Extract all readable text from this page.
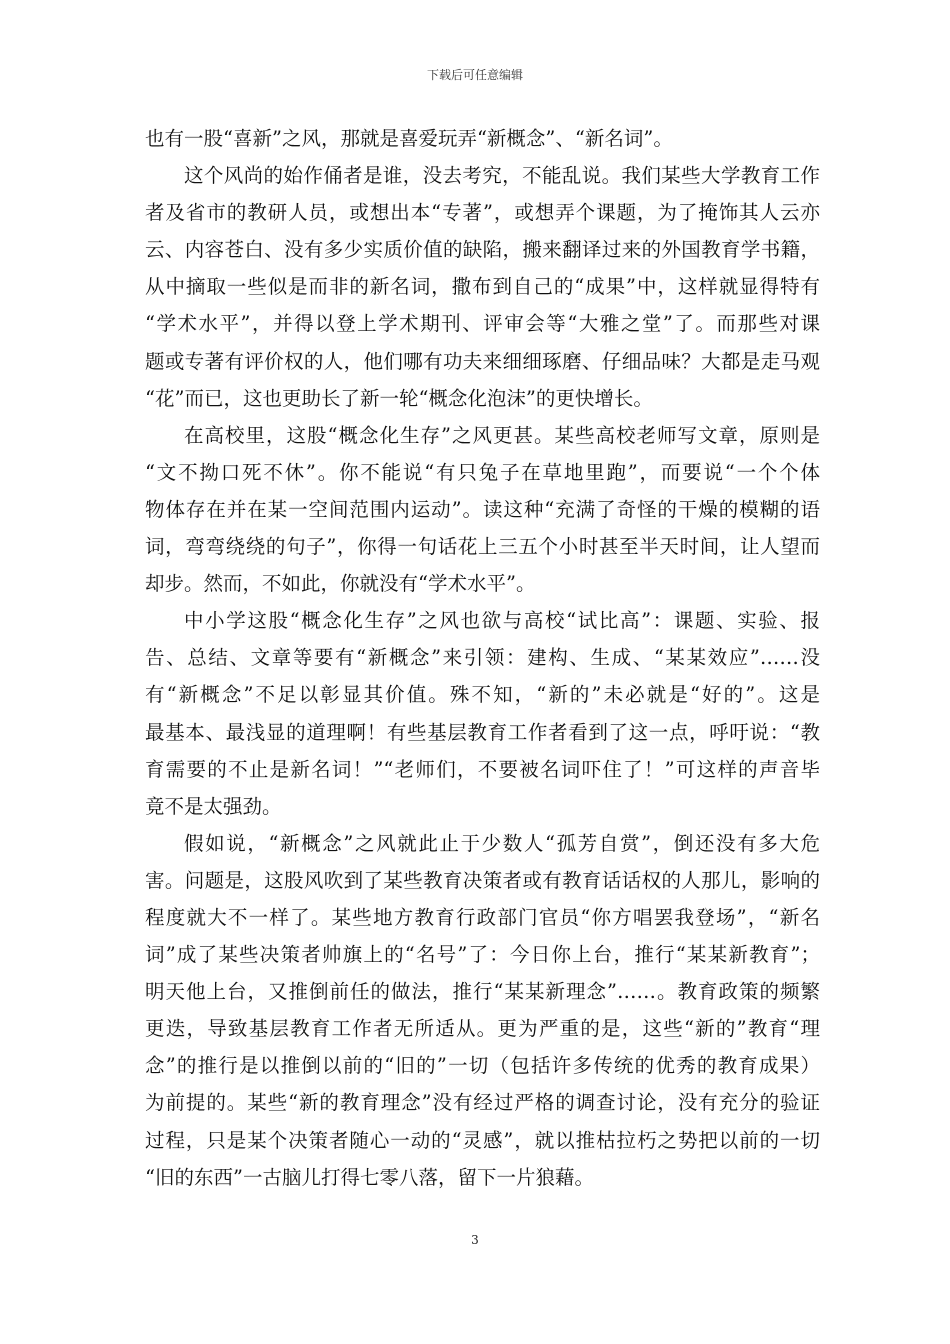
下载后可任意编辑
也有一股“喜新”之风，那就是喜爱玩弄“新概念”、“新名词”。
这个风尚的始作俑者是谁，没去考究，不能乱说。我们某些大学教育工作
者及省市的教研人员，或想出本“专著”，或想弄个课题，为了掩饰其人云亦
云、内容苍白、没有多少实质价值的缺陷，搬来翻译过来的外国教育学书籍，
从中摘取一些似是而非的新名词，撒布到自己的“成果”中，这样就显得特有
“学术水平”，并得以登上学术期刊、评审会等“大雅之堂”了。而那些对课
题或专著有评价权的人，他们哪有功夫来细细琢磨、仔细品味？大都是走马观
“花”而已，这也更助长了新一轮“概念化泡沫”的更快增长。
在高校里，这股“概念化生存”之风更甚。某些高校老师写文章，原则是
“文不拗口死不休”。你不能说“有只兔子在草地里跑”，而要说“一个个体
物体存在并在某一空间范围内运动”。读这种“充满了奇怪的干燥的模糊的语
词，弯弯绕绕的句子”，你得一句话花上三五个小时甚至半天时间，让人望而
却步。然而，不如此，你就没有“学术水平”。
中小学这股“概念化生存”之风也欲与高校“试比高”：课题、实验、报
告、总结、文章等要有“新概念”来引领：建构、生成、“某某效应”……没
有“新概念”不足以彰显其价值。殊不知，“新的”未必就是“好的”。这是
最基本、最浅显的道理啊！有些基层教育工作者看到了这一点，呼吁说：“教
育需要的不止是新名词！”“老师们，不要被名词吓住了！”可这样的声音毕
竟不是太强劲。
假如说，“新概念”之风就此止于少数人“孤芳自赏”，倒还没有多大危
害。问题是，这股风吹到了某些教育决策者或有教育话话权的人那儿，影响的
程度就大不一样了。某些地方教育行政部门官员“你方唱罢我登场”，“新名
词”成了某些决策者帅旗上的“名号”了：今日你上台，推行“某某新教育”；
明天他上台，又推倒前任的做法，推行“某某新理念”……。教育政策的频繁
更迭，导致基层教育工作者无所适从。更为严重的是，这些“新的”教育“理
念”的推行是以推倒以前的“旧的”一切（包括许多传统的优秀的教育成果）
为前提的。某些“新的教育理念”没有经过严格的调查讨论，没有充分的验证
过程，只是某个决策者随心一动的“灵感”，就以推枯拉朽之势把以前的一切
“旧的东西”一古脑儿打得七零八落，留下一片狼藉。
3
